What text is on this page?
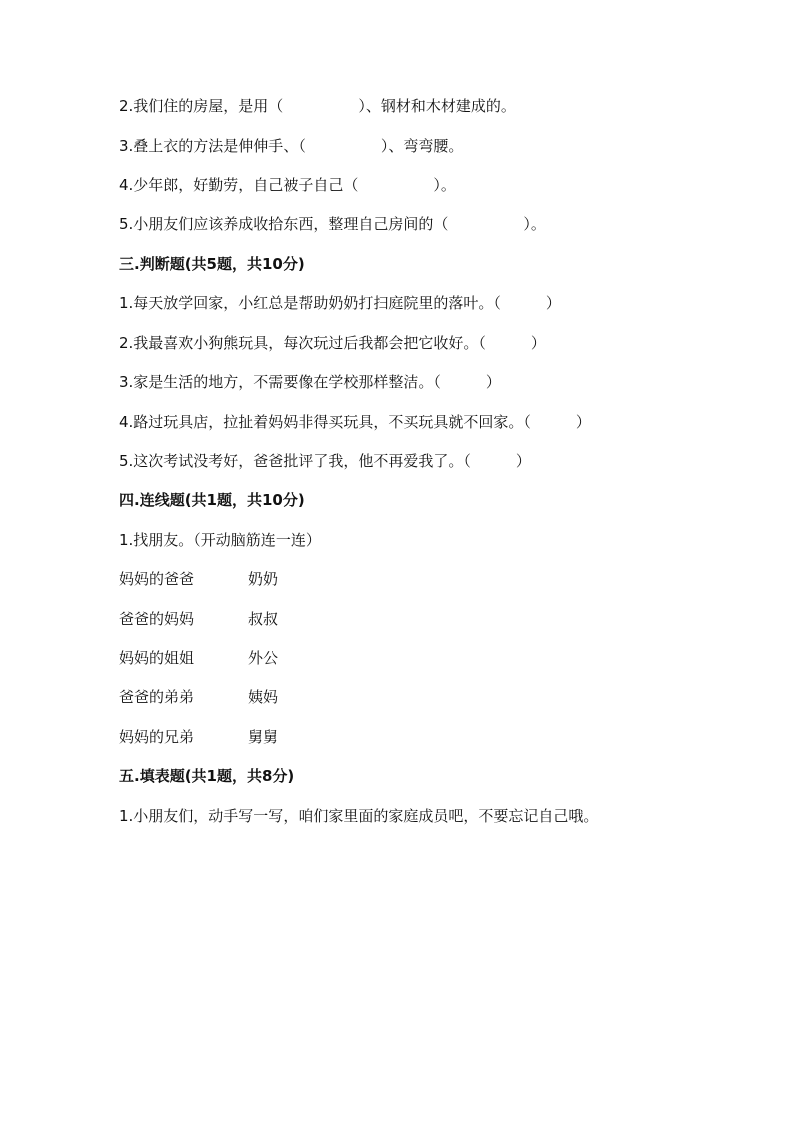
2.我们住的房屋，是用（　　　　　）、钢材和木材建成的。
3.叠上衣的方法是伸伸手、（　　　　　）、弯弯腰。
4.少年郎，好勤劳，自己被子自己（　　　　　）。
5.小朋友们应该养成收拾东西，整理自己房间的（　　　　　）。
三.判断题(共5题，共10分)
1.每天放学回家，小红总是帮助奶奶打扫庭院里的落叶。（　　　）
2.我最喜欢小狗熊玩具，每次玩过后我都会把它收好。（　　　）
3.家是生活的地方，不需要像在学校那样整洁。（　　　）
4.路过玩具店，拉扯着妈妈非得买玩具，不买玩具就不回家。（　　　）
5.这次考试没考好，爸爸批评了我，他不再爱我了。（　　　）
四.连线题(共1题，共10分)
1.找朋友。（开动脑筋连一连）
妈妈的爸爸	奶奶
爸爸的妈妈	叔叔
妈妈的姐姐	外公
爸爸的弟弟	姨妈
妈妈的兄弟	舅舅
五.填表题(共1题，共8分)
1.小朋友们，动手写一写，咱们家里面的家庭成员吧，不要忘记自己哦。
